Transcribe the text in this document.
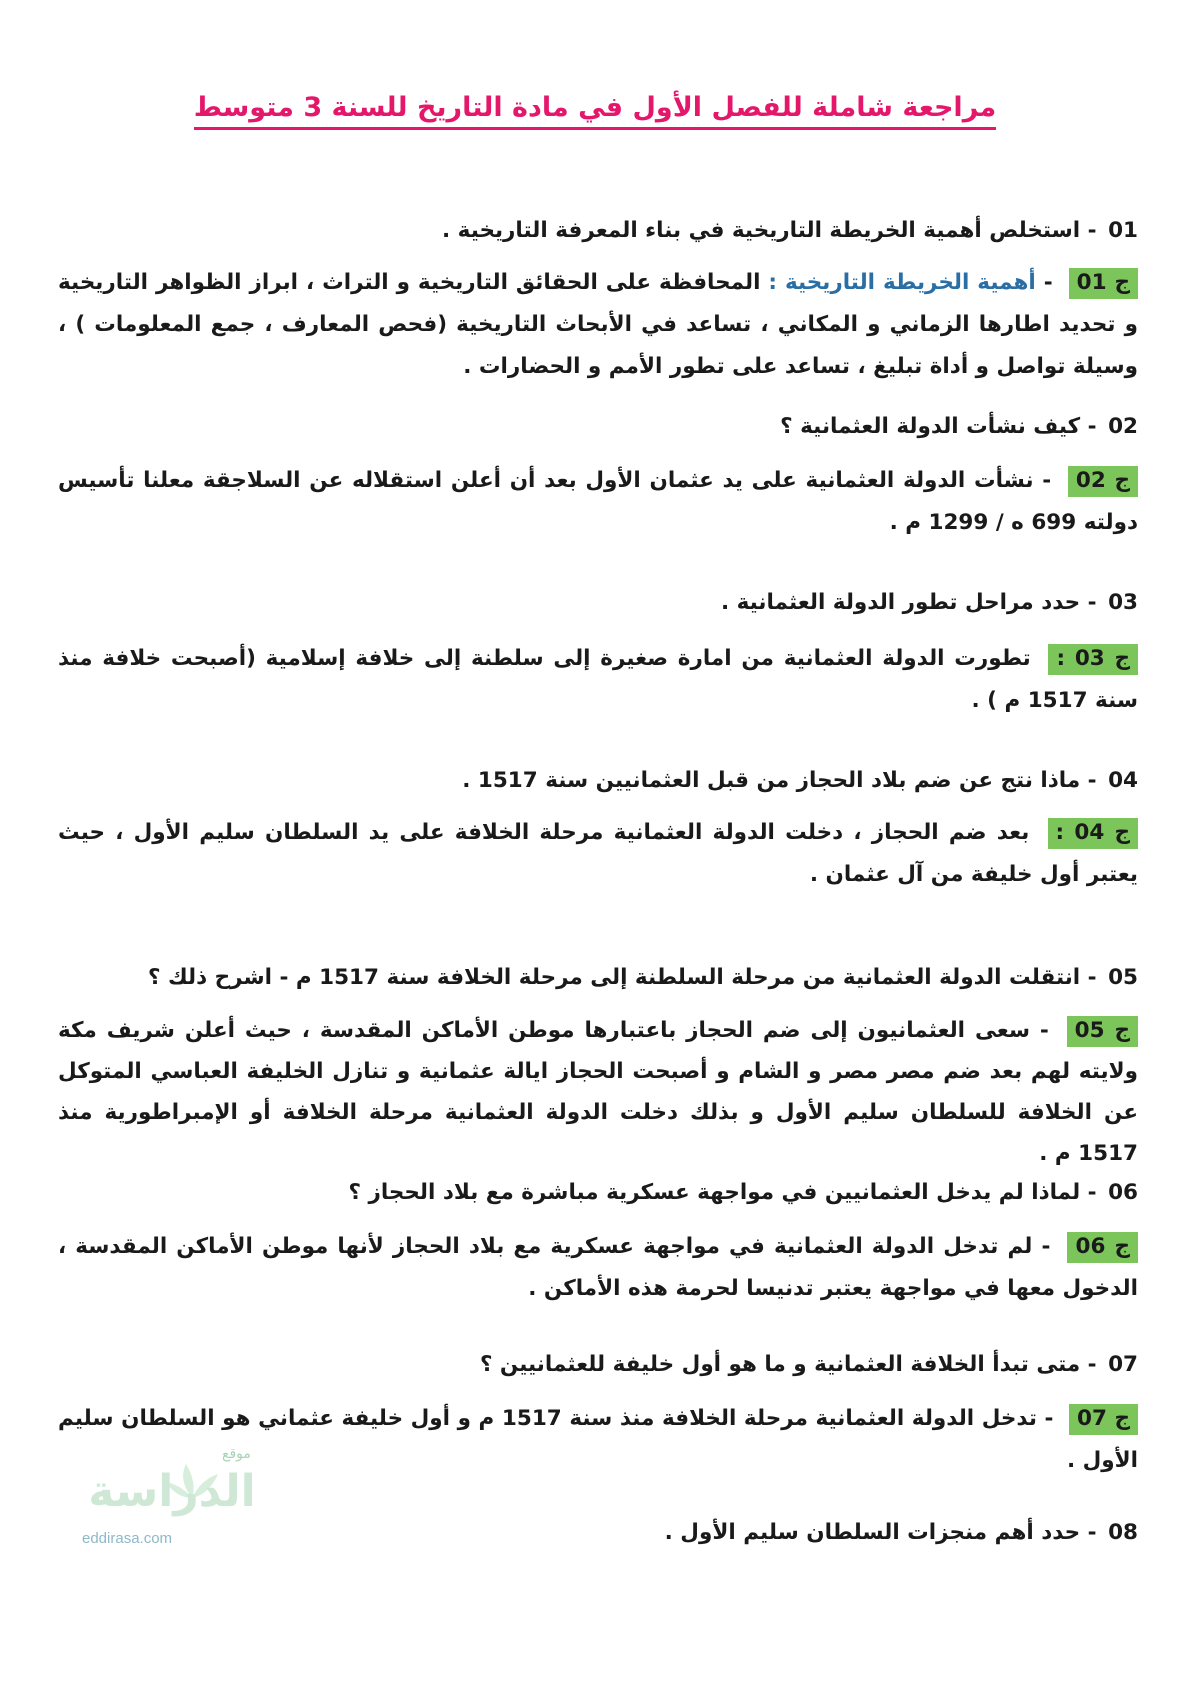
مراجعة شاملة للفصل الأول في مادة التاريخ للسنة 3 متوسط
01 - استخلص أهمية الخريطة التاريخية في بناء المعرفة التاريخية .
ج 01 - أهمية الخريطة التاريخية : المحافظة على الحقائق التاريخية و التراث ، ابراز الظواهر التاريخية و تحديد اطارها الزماني و المكاني ، تساعد في الأبحاث التاريخية (فحص المعارف ، جمع المعلومات ) ، وسيلة تواصل و أداة تبليغ ، تساعد على تطور الأمم و الحضارات .
02 - كيف نشأت الدولة العثمانية ؟
ج 02 - نشأت الدولة العثمانية على يد عثمان الأول بعد أن أعلن استقلاله عن السلاجقة معلنا تأسيس دولته 699 ه / 1299 م .
03 - حدد مراحل تطور الدولة العثمانية .
ج 03 : تطورت الدولة العثمانية من امارة صغيرة إلى سلطنة إلى خلافة إسلامية (أصبحت خلافة منذ سنة 1517 م ) .
04 - ماذا نتج عن ضم بلاد الحجاز من قبل العثمانيين سنة 1517 .
ج 04 : بعد ضم الحجاز ، دخلت الدولة العثمانية مرحلة الخلافة على يد السلطان سليم الأول ، حيث يعتبر أول خليفة من آل عثمان .
05 - انتقلت الدولة العثمانية من مرحلة السلطنة إلى مرحلة الخلافة سنة 1517 م - اشرح ذلك ؟
ج 05 - سعى العثمانيون إلى ضم الحجاز باعتبارها موطن الأماكن المقدسة ، حيث أعلن شريف مكة ولايته لهم بعد ضم مصر مصر و الشام و أصبحت الحجاز ايالة عثمانية و تنازل الخليفة العباسي المتوكل عن الخلافة للسلطان سليم الأول و بذلك دخلت الدولة العثمانية مرحلة الخلافة أو الإمبراطورية منذ 1517 م .
06 - لماذا لم يدخل العثمانيين في مواجهة عسكرية مباشرة مع بلاد الحجاز ؟
ج 06 - لم تدخل الدولة العثمانية في مواجهة عسكرية مع بلاد الحجاز لأنها موطن الأماكن المقدسة ، الدخول معها في مواجهة يعتبر تدنيسا لحرمة هذه الأماكن .
07 - متى تبدأ الخلافة العثمانية و ما هو أول خليفة للعثمانيين ؟
ج 07 - تدخل الدولة العثمانية مرحلة الخلافة منذ سنة 1517 م و أول خليفة عثماني هو السلطان سليم الأول .
08 - حدد أهم منجزات السلطان سليم الأول .
موقع
الدراسة
eddirasa.com
